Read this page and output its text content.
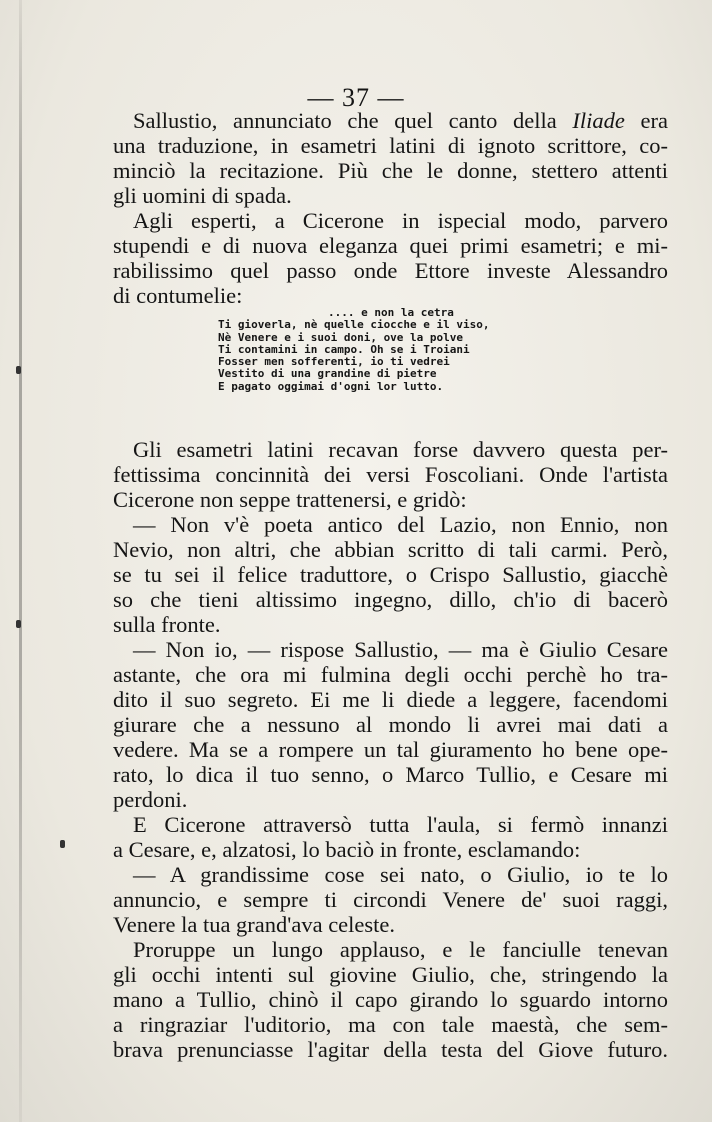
— 37 —
Sallustio, annunciato che quel canto della Iliade era
una traduzione, in esametri latini di ignoto scrittore, co-
minciò la recitazione. Più che le donne, stettero attenti
gli uomini di spada.
Agli esperti, a Cicerone in ispecial modo, parvero
stupendi e di nuova eleganza quei primi esametri; e mi-
rabilissimo quel passo onde Ettore investe Alessandro
di contumelie:
.... e non la cetra
Ti gioverla, nè quelle ciocche e il viso,
Nè Venere e i suoi doni, ove la polve
Ti contamini in campo. Oh se i Troiani
Fosser men sofferenti, io ti vedrei
Vestito di una grandine di pietre
E pagato oggimai d'ogni lor lutto.
Gli esametri latini recavan forse davvero questa per-
fettissima concinnità dei versi Foscoliani. Onde l'artista
Cicerone non seppe trattenersi, e gridò:
— Non v'è poeta antico del Lazio, non Ennio, non
Nevio, non altri, che abbian scritto di tali carmi. Però,
se tu sei il felice traduttore, o Crispo Sallustio, giacchè
so che tieni altissimo ingegno, dillo, ch'io di bacerò
sulla fronte.
— Non io, — rispose Sallustio, — ma è Giulio Cesare
astante, che ora mi fulmina degli occhi perchè ho tra-
dito il suo segreto. Ei me li diede a leggere, facendomi
giurare che a nessuno al mondo li avrei mai dati a
vedere. Ma se a rompere un tal giuramento ho bene ope-
rato, lo dica il tuo senno, o Marco Tullio, e Cesare mi
perdoni.
E Cicerone attraversò tutta l'aula, si fermò innanzi
a Cesare, e, alzatosi, lo baciò in fronte, esclamando:
— A grandissime cose sei nato, o Giulio, io te lo
annuncio, e sempre ti circondi Venere de' suoi raggi,
Venere la tua grand'ava celeste.
Proruppe un lungo applauso, e le fanciulle tenevan
gli occhi intenti sul giovine Giulio, che, stringendo la
mano a Tullio, chinò il capo girando lo sguardo intorno
a ringraziar l'uditorio, ma con tale maestà, che sem-
brava prenunciasse l'agitar della testa del Giove futuro.
